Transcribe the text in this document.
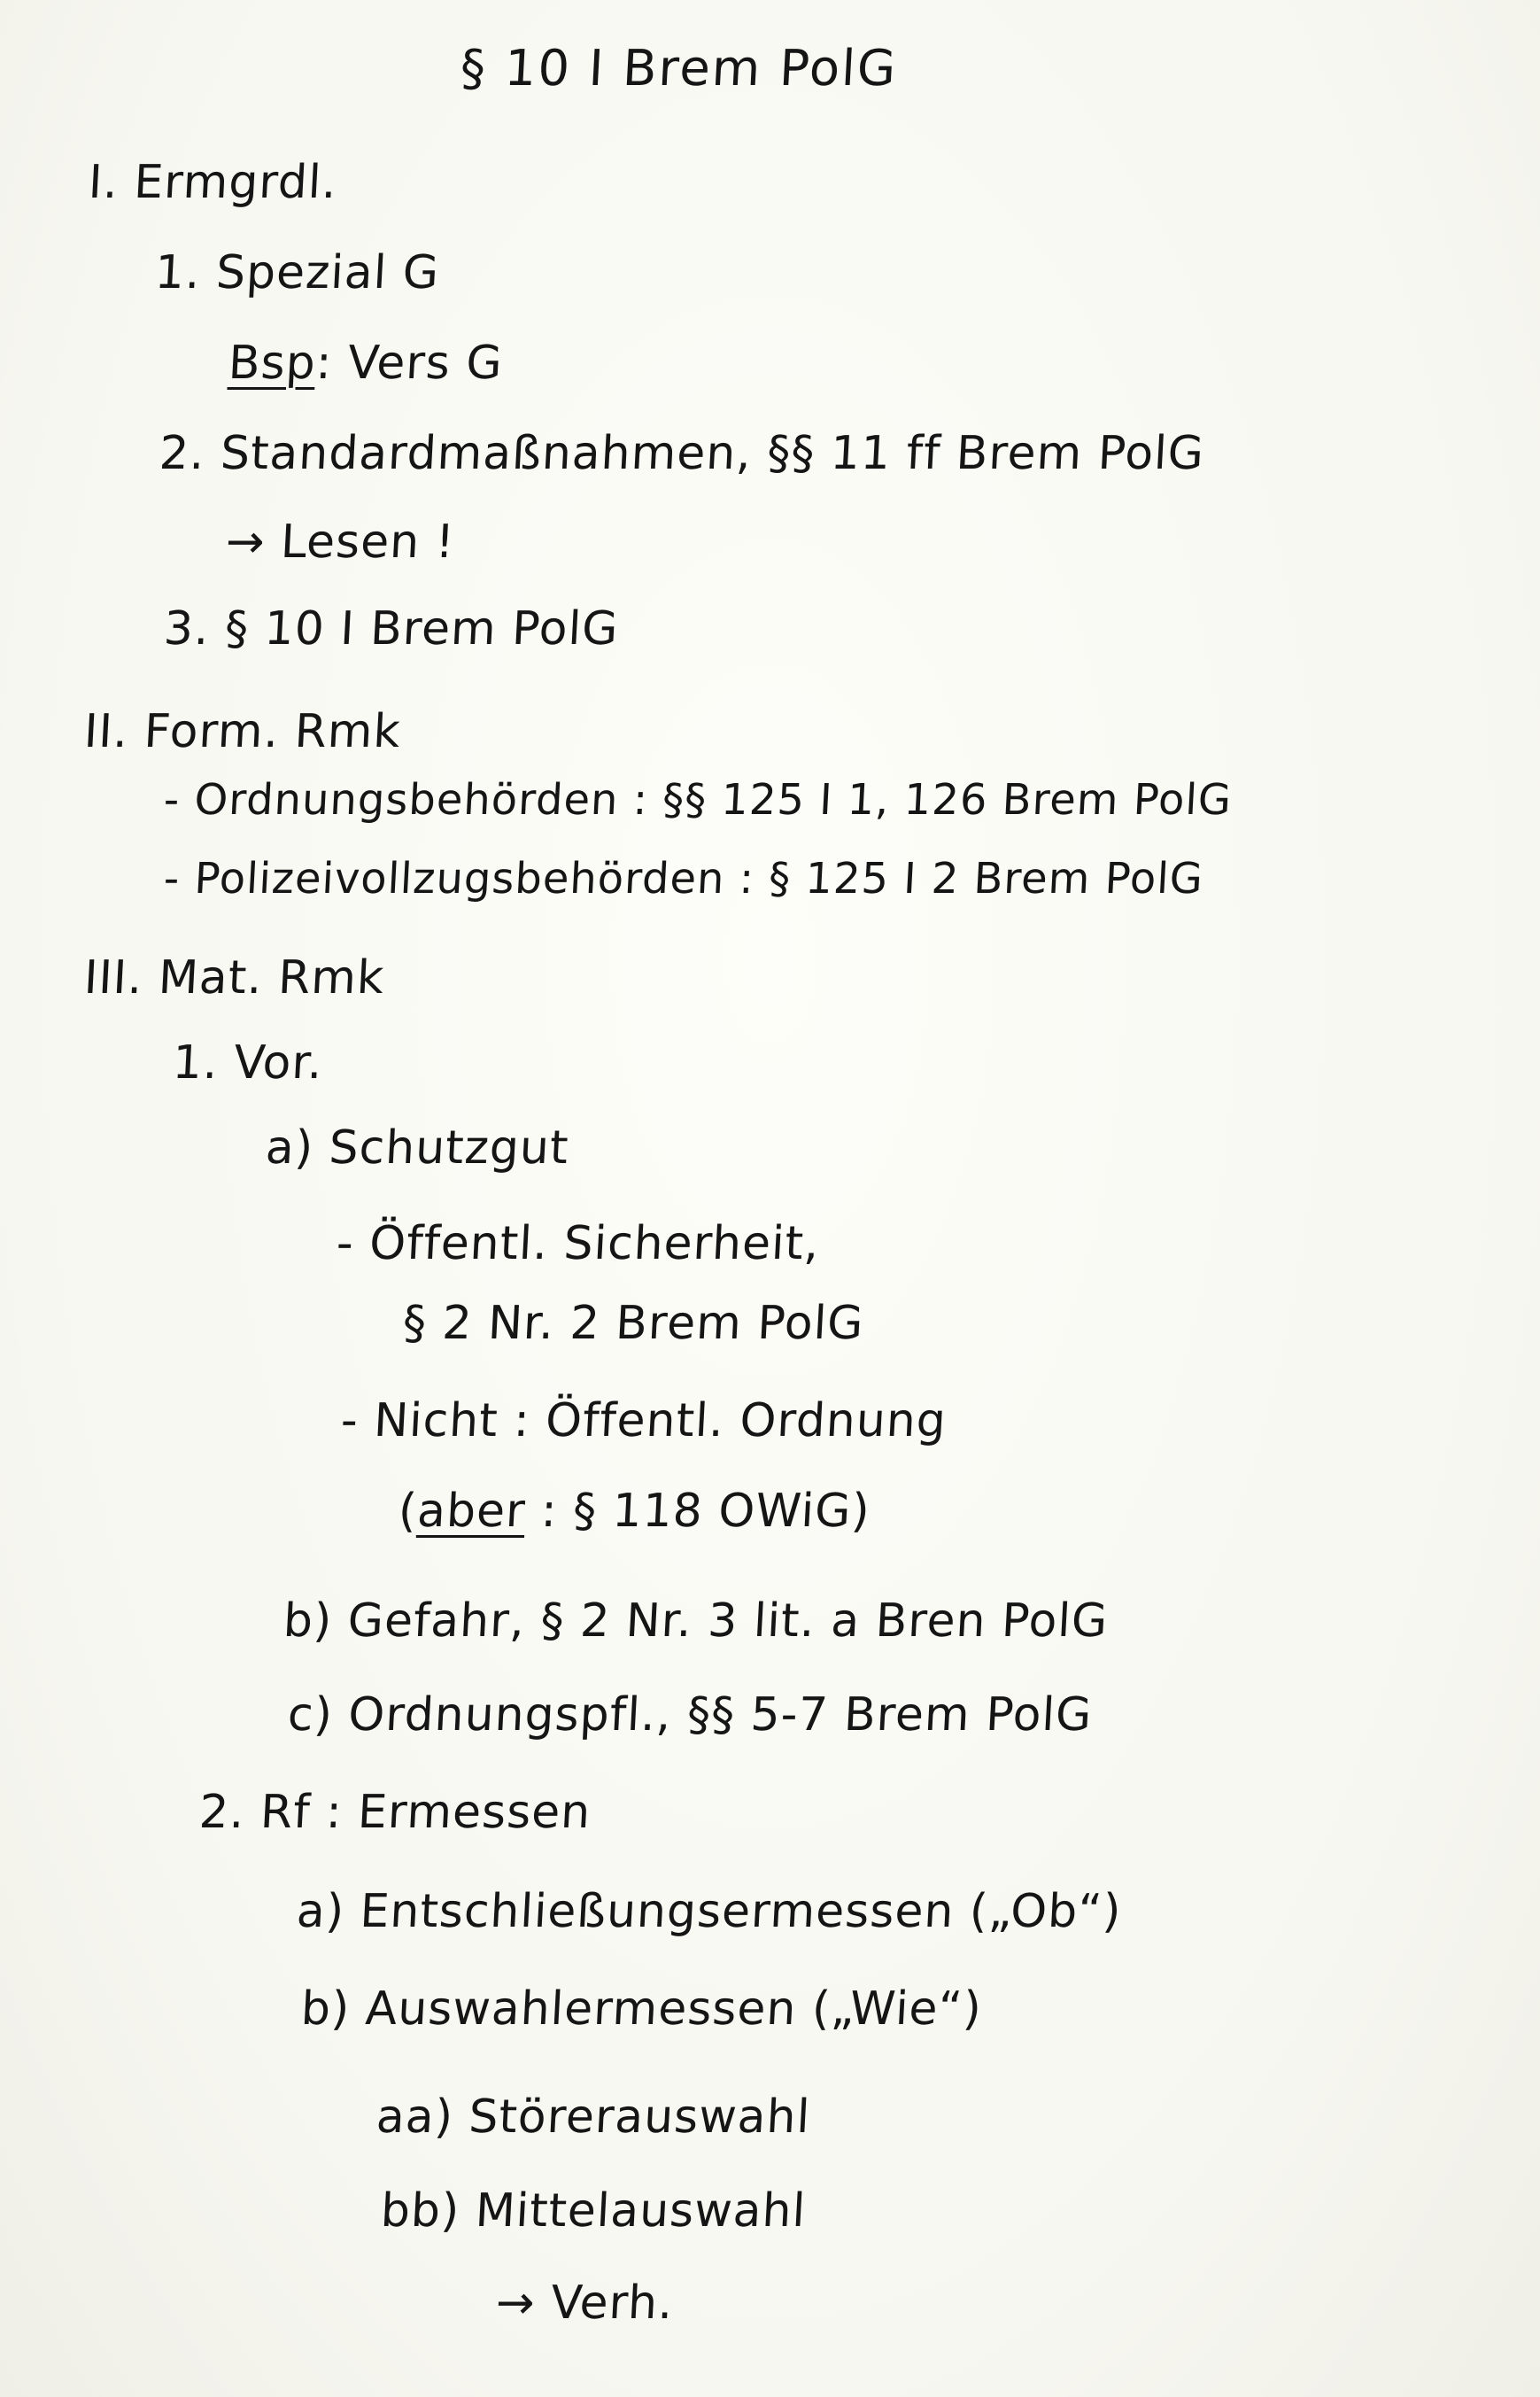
§ 10 I Brem PolG
I. Ermgrdl.
1. Spezial G
Bsp: Vers G
2. Standardmaßnahmen, §§ 11 ff Brem PolG
→ Lesen !
3. § 10 I Brem PolG
II. Form. Rmk
- Ordnungsbehörden : §§ 125 I 1, 126 Brem PolG
- Polizeivollzugsbehörden : § 125 I 2 Brem PolG
III. Mat. Rmk
1. Vor.
a) Schutzgut
- Öffentl. Sicherheit,
§ 2 Nr. 2 Brem PolG
- Nicht : Öffentl. Ordnung
(aber : § 118 OWiG)
b) Gefahr, § 2 Nr. 3 lit. a Bren PolG
c) Ordnungspfl., §§ 5-7 Brem PolG
2. Rf : Ermessen
a) Entschließungsermessen („Ob“)
b) Auswahlermessen („Wie“)
aa) Störerauswahl
bb) Mittelauswahl
→ Verh.
